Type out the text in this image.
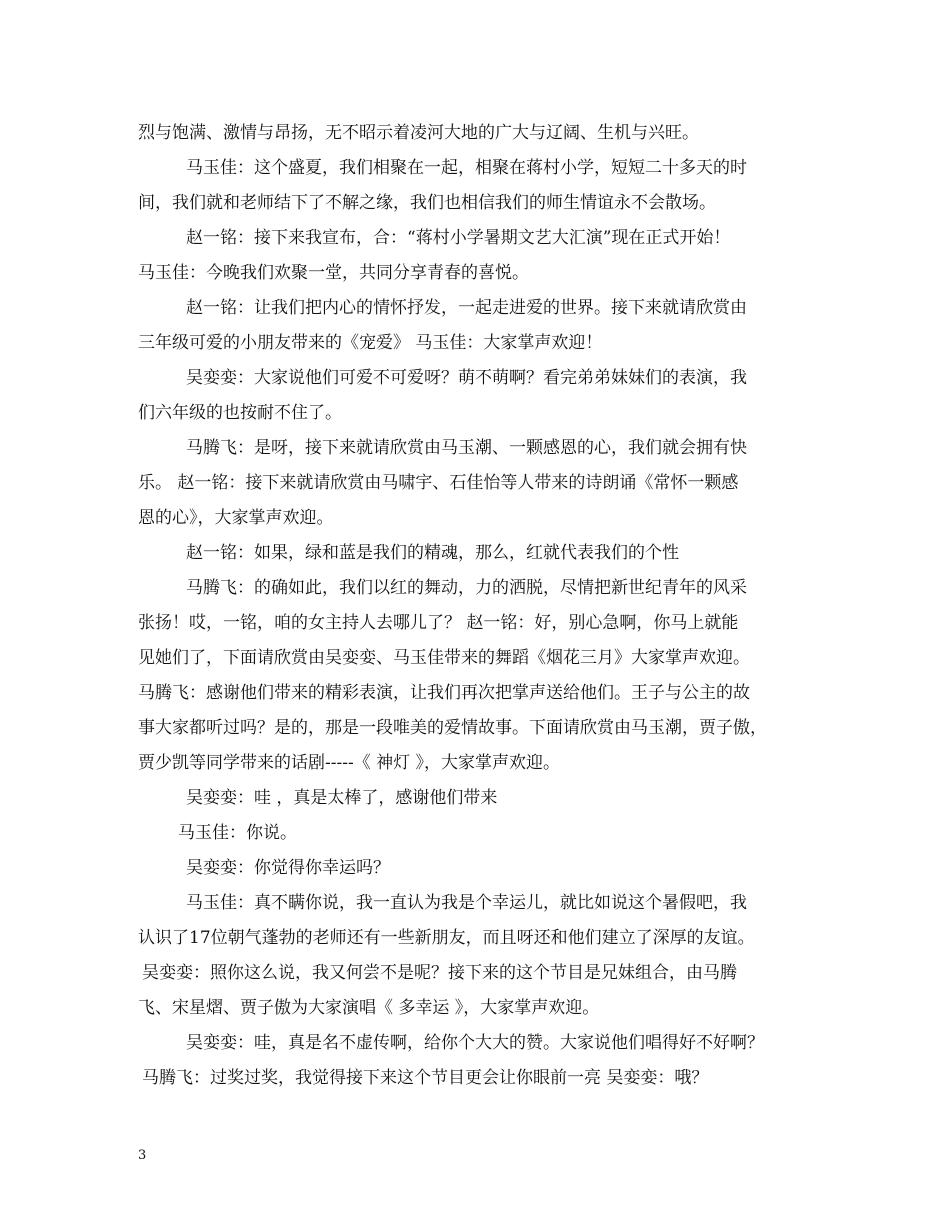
烈与饱满、激情与昂扬，无不昭示着凌河大地的广大与辽阔、生机与兴旺。
马玉佳：这个盛夏，我们相聚在一起，相聚在蒋村小学，短短二十多天的时
间，我们就和老师结下了不解之缘，我们也相信我们的师生情谊永不会散场。
赵一铭：接下来我宣布，合：“蒋村小学暑期文艺大汇演”现在正式开始！
马玉佳：今晚我们欢聚一堂，共同分享青春的喜悦。
赵一铭：让我们把内心的情怀抒发，一起走进爱的世界。接下来就请欣赏由
三年级可爱的小朋友带来的《宠爱》 马玉佳：大家掌声欢迎！
吴娈娈：大家说他们可爱不可爱呀？萌不萌啊？看完弟弟妹妹们的表演，我
们六年级的也按耐不住了。
马腾飞：是呀，接下来就请欣赏由马玉潮、一颗感恩的心，我们就会拥有快
乐。 赵一铭：接下来就请欣赏由马啸宇、石佳怡等人带来的诗朗诵《常怀一颗感
恩的心》，大家掌声欢迎。
赵一铭：如果，绿和蓝是我们的精魂，那么，红就代表我们的个性
马腾飞：的确如此，我们以红的舞动，力的洒脱，尽情把新世纪青年的风采
张扬！哎，一铭，咱的女主持人去哪儿了？ 赵一铭：好，别心急啊，你马上就能
见她们了，下面请欣赏由吴娈娈、马玉佳带来的舞蹈《烟花三月》大家掌声欢迎。
马腾飞：感谢他们带来的精彩表演，让我们再次把掌声送给他们。王子与公主的故
事大家都听过吗？是的，那是一段唯美的爱情故事。下面请欣赏由马玉潮，贾子傲，
贾少凯等同学带来的话剧-----《 神灯 》，大家掌声欢迎。
吴娈娈：哇 ，真是太棒了，感谢他们带来
马玉佳：你说。
吴娈娈：你觉得你幸运吗？
马玉佳：真不瞒你说，我一直认为我是个幸运儿，就比如说这个暑假吧，我
认识了17位朝气蓬勃的老师还有一些新朋友，而且呀还和他们建立了深厚的友谊。
吴娈娈：照你这么说，我又何尝不是呢？接下来的这个节目是兄妹组合，由马腾
飞、宋星熠、贾子傲为大家演唱《 多幸运 》，大家掌声欢迎。
吴娈娈：哇，真是名不虚传啊，给你个大大的赞。大家说他们唱得好不好啊？
马腾飞：过奖过奖，我觉得接下来这个节目更会让你眼前一亮 吴娈娈：哦？
3
